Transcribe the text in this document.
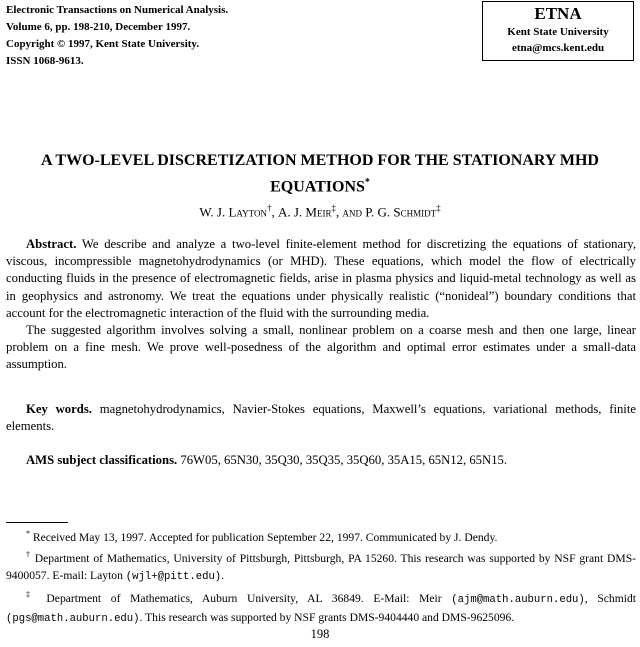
Electronic Transactions on Numerical Analysis.
Volume 6, pp. 198-210, December 1997.
Copyright © 1997, Kent State University.
ISSN 1068-9613.
ETNA
Kent State University
etna@mcs.kent.edu
A TWO-LEVEL DISCRETIZATION METHOD FOR THE STATIONARY MHD EQUATIONS*
W. J. Layton†, A. J. Meir‡, and P. G. Schmidt‡

Abstract. We describe and analyze a two-level finite-element method for discretizing the equations of stationary, viscous, incompressible magnetohydrodynamics (or MHD). These equations, which model the flow of electrically conducting fluids in the presence of electromagnetic fields, arise in plasma physics and liquid-metal technology as well as in geophysics and astronomy. We treat the equations under physically realistic (“nonideal”) boundary conditions that account for the electromagnetic interaction of the fluid with the surrounding media.

The suggested algorithm involves solving a small, nonlinear problem on a coarse mesh and then one large, linear problem on a fine mesh. We prove well-posedness of the algorithm and optimal error estimates under a small-data assumption.

Key words. magnetohydrodynamics, Navier-Stokes equations, Maxwell’s equations, variational methods, finite elements.
AMS subject classifications. 76W05, 65N30, 35Q30, 35Q35, 35Q60, 35A15, 65N12, 65N15.

* Received May 13, 1997. Accepted for publication September 22, 1997. Communicated by J. Dendy.

† Department of Mathematics, University of Pittsburgh, Pittsburgh, PA 15260. This research was supported by NSF grant DMS-9400057. E-mail: Layton (wjl+@pitt.edu).

‡ Department of Mathematics, Auburn University, AL 36849. E-Mail: Meir (ajm@math.auburn.edu), Schmidt (pgs@math.auburn.edu). This research was supported by NSF grants DMS-9404440 and DMS-9625096.

198
